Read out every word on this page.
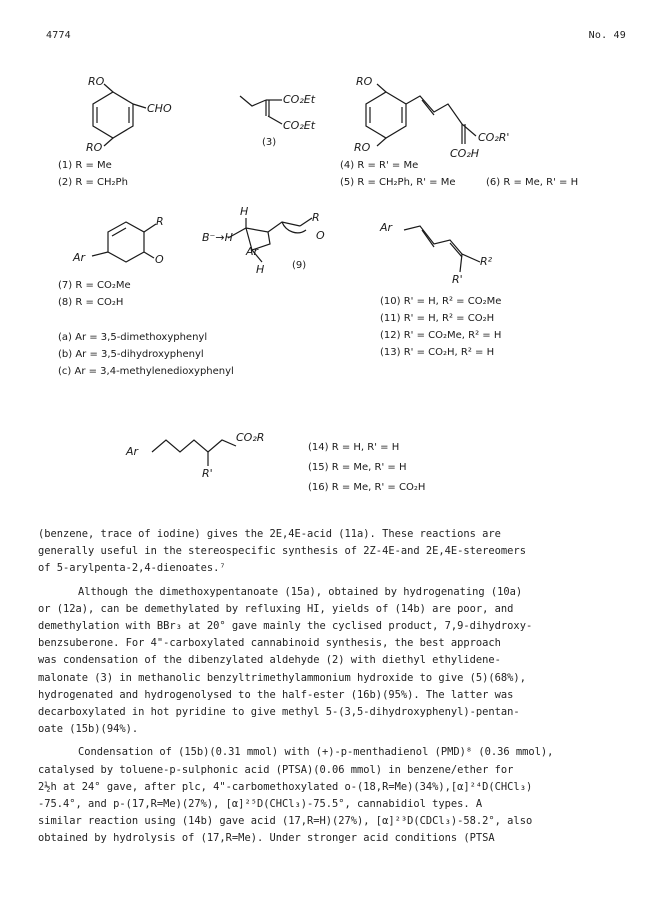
4774	No. 49
RO
RO
CHO
(1) R = Me
(2) R = CH₂Ph
CO₂Et
CO₂Et
(3)
RO
RO
CO₂R'
CO₂H
(4) R = R' = Me
(5) R = CH₂Ph, R' = Me	(6) R = Me, R' = H
R
Ar	O
(7) R = CO₂Me
(8) R = CO₂H
H
B⁻→H
Ar
H
R
O
(9)
Ar
R²
R'
(10) R' = H, R² = CO₂Me
(11) R' = H, R² = CO₂H
(12) R' = CO₂Me, R² = H
(13) R' = CO₂H, R² = H
(a) Ar = 3,5-dimethoxyphenyl
(b) Ar = 3,5-dihydroxyphenyl
(c) Ar = 3,4-methylenedioxyphenyl
Ar
CO₂R
R'
(14) R = H, R' = H
(15) R = Me, R' = H
(16) R = Me, R' = CO₂H

(benzene, trace of iodine) gives the 2E,4E-acid (11a). These reactions are
generally useful in the stereospecific synthesis of 2Z-4E-and 2E,4E-stereomers
of 5-arylpenta-2,4-dienoates.⁷

Although the dimethoxypentanoate (15a), obtained by hydrogenating (10a)
or (12a), can be demethylated by refluxing HI, yields of (14b) are poor, and
demethylation with BBr₃ at 20° gave mainly the cyclised product, 7,9-dihydroxy-
benzsuberone. For 4"-carboxylated cannabinoid synthesis, the best approach
was condensation of the dibenzylated aldehyde (2) with diethyl ethylidene-
malonate (3) in methanolic benzyltrimethylammonium hydroxide to give (5)(68%),
hydrogenated and hydrogenolysed to the half-ester (16b)(95%). The latter was
decarboxylated in hot pyridine to give methyl 5-(3,5-dihydroxyphenyl)-pentan-
oate (15b)(94%).

Condensation of (15b)(0.31 mmol) with (+)-p-menthadienol (PMD)⁸ (0.36 mmol),
catalysed by toluene-p-sulphonic acid (PTSA)(0.06 mmol) in benzene/ether for
2½h at 24° gave, after plc, 4"-carbomethoxylated o-(18,R=Me)(34%),[α]²⁴D(CHCl₃)
-75.4°, and p-(17,R=Me)(27%), [α]²⁵D(CHCl₃)-75.5°, cannabidiol types. A
similar reaction using (14b) gave acid (17,R=H)(27%), [α]²³D(CDCl₃)-58.2°, also
obtained by hydrolysis of (17,R=Me). Under stronger acid conditions (PTSA
